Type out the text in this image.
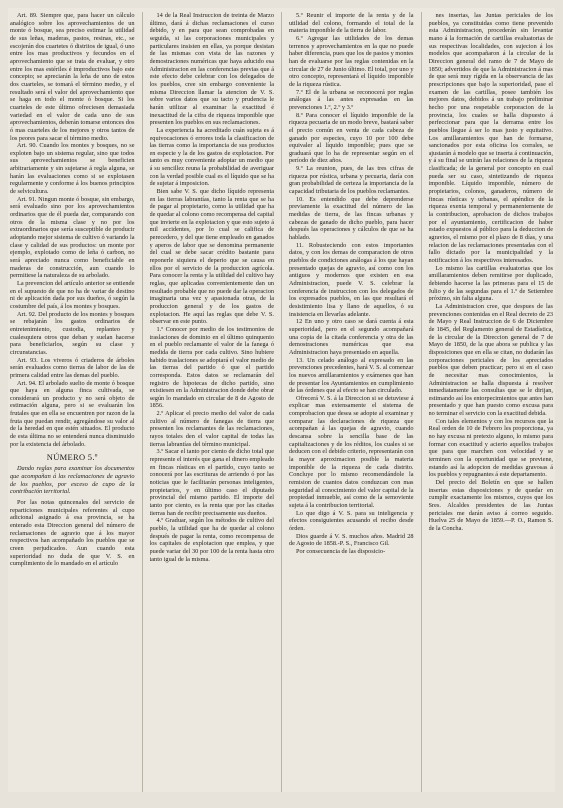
Art. 89. Siempre que, para hacer un cálculo analógico sobre los aprovechamientos de un monte ó bosque, sea preciso estimar la utilidad de sus leñas, maderas, pastos, resinas, etc., se escojerán dos cuartetes ó distritos de igual, ó uno entre los mas productivos y fecundos en el aprovechamiento que se trata de evaluar, y otro entre los mas estériles é improductivos bajo este concepto; se apreciarán la leña de uno de estos dos cuarteles, se tomará el término medio, y el resultado será el valor del aprovechamiento que se haga en todo el monte ó bosque. Si los cuarteles de este último ofreciesen demasiada variedad en el valor de cada uno de sus aprovechamientos, deberán tomarse entonces dos ó mas cuarteles de los mejores y otros tantos de los peores para sacar el término medio.

Art. 90. Cuando los montes y bosques, no se exploten bajo un sistema regular, sino que todos sus aprovechamientos se beneficien arbitrariamente y sin sujetarse á regla alguna, se harán las evaluaciones como si se explotasen regularmente y conforme á los buenos principios de selvicultura.

Art. 91. Ningun monte ó bosque, sin embargo, será evaluado sino por los aprovechamientos ordinarios que de él pueda dar, comparando con otros de la misma clase y no por los extraordinarios que sería susceptible de producir adoptando mejor sistema de cultivo ó variando la clase y calidad de sus productos: un monte por ejemplo, explotado como de leña ó carbon, no será apreciado nunca como beneficiable en maderas de construcción, aun cuando lo permitiese la naturaleza de su arbolado.

La prevencion del artículo anterior se entiende en el supuesto de que no ha de variar de destino ni de aplicación dada por sus dueños, ó según la costumbre del país, á los montes y bosques.

Art. 92. Del producto de los montes y bosques se rebajarán los gastos ordinarios de entretenimiento, custodia, replanteo y cualesquiera otros que deban y suelan hacerse para beneficiarlos, según su clase y circunstancias.

Art. 93. Los viveros ó criaderos de árboles serán evaluados como tierras de labor de las de primera calidad entre las demas del pueblo.

Art. 94. El arbolado suelto de monte ó bosque que haya en alguna finca cultivada, se considerará un producto y no será objeto de estimación alguna, pero si se evaluarán los frutales que en ella se encuentren por razon de la fruta que puedan rendir, agregándose su valor al de la heredad en que estén situados. El producto de esta última no se entenderá nunca disminuido por la existencia del árbolado.

NÚMERO 5.º

Dando reglas para examinar los documentos que acompañan á las reclamaciones de agravio de los pueblos, por exceso de cupo de la contribución territorial.

Por las notas quincenales del servicio de reparticiones municipales referentes al cupo adicional asignado á esa provincia, se ha enterado esta Direccion general del número de reclamaciones de agravio que á los mayor respectivos han acompañado los pueblos que se creen perjudicados. Aun cuando esta superioridad no duda de que V. S. en cumplimiento de lo mandado en el artículo

14 de la Real Instruccion de treinta de Marzo último, dará á dichas reclamaciones el curso debido, y en para que sean comprobadas en seguida, si las corporaciones municipales y particulares insisten en ellas, ya porque desistan de las mismas con vista de las razones y demostraciones numéricas que haya aducido esa Administracion en las conferencias previas que á este efecto debe celebrar con los delegados de los pueblos, cree sin embargo conveniente la misma Direccion llamar la atencion de V. S. sobre varios datos que su tacto y prudencia le harán utilizar al examinar la exactitud é inexactitud de la cifra de riqueza imponible que presenten los pueblos en sus reclamaciones.

La experiencia ha acreditado cuán sujeta es á equivocaciones ó errores toda la clasificacion de las tierras como la importancia de sus productos en especie y la de los gastos de explotacion. Por tanto es muy conveniente adoptar un medio que á su sencillez reuna la probabilidad de averiguar con la verdad posible cual es el líquido que se ha de sujetar á imposicion.

Bien sabe V. S. que dicho líquido representa en las tierras labrantías, tanto la renta que se ha de pagar al propietario, como la utilidad que ha de quedar al colono como recompensa del capital que invierte en la explotacion y que esto sujeto á mil accidentes, por lo cual se califica de perecedero, y del que tiene empleado en ganados y aperos de labor que se denomina permanente del cual se debe sacar crédito bastante para reponerle siquiera el deperio que se causa en ellos por el servicio de la produccion agrícola. Para conocer la renta y la utilidad del cultivo hay reglas, que aplicadas convenientemente dan un resultado probable que no puede dar la operacion imaginaria una vez y apasionada otras, de la produccion general y de los gastos de explotacion. He aquí las reglas que debe V. S. observar en este punto.

1.º Conocer por medio de los testimonios de traslaciones de dominio en el último quinquenio en el pueblo reclamante el valor de la fanega ó medida de tierra por cada cultivo. Sino hubiere habido traslaciones se adoptará el valor medio de las tierras del partido ó que el partido corresponda. Estos datos se reclamarán del registro de hipotecas de dicho partido, sino existiesen en la Administracion donde debe obrar según lo mandado en circular de 8 de Agosto de 1856.

2.º Aplicar el precio medio del valor de cada cultivo al número de fanegas de tierra que presenten los reclamantes de las reclamaciones, rayos totales den el valor capital de todas las tierras labrantías del término municipal.

3.º Sacar el tanto por ciento de dicho total que represente el interés que gana el dinero empleado en fincas rústicas en el partido, cuyo tanto se conocerá por las escrituras de arriendo ó por las noticias que le facilitarán personas inteligentes, propietarios, y en último caso el diputado provincial del mismo partido. El importe del tanto por ciento, es la renta que por las citadas tierras han de recibir precisamente sus dueños.

4.º Graduar, según los métodos de cultivo del pueblo, la utilidad que ha de quedar al colono después de pagar la renta, como recompensa de los capitales de explotacion que emplea, y que puede variar del 30 por 100 de la renta hasta otro tanto igual de la misma.

5.º Reunir el importe de la renta y de la utilidad del colono, formando el total de la materia imponible de la tierra de labor.

6.º Agregar las utilidades de los demas terrenos y aprovechamientos en la que no puede haber diferencia, pues que los de pastos y montes han de evaluarse por las reglas contenidas en la circular de 27 de Junio último. El total, por uno y otro concepto, representará el líquido imponible de la riqueza rústica.

7.º El de la urbana se reconocerá por reglas análogas á las antes expresadas en las prevenciones 1.º, 2.º y 3.º

8.º Para conocer el líquido imponible de la riqueza pecuaria de un modo breve, bastará saber el precio común en venta de cada cabeza de ganado por especies, cuyo 10 por 100 debe equivaler al líquido imponible; pues que se graduará que lo ha de representar según en el período de diez años.

9.º La reunion, pues, de las tres cifras de riqueza por rústica, urbana y pecuaria, daría con gran probabilidad de certeza la importancia de la capacidad tributaria de los pueblos reclamantes.

10. Es entendido que debe deprenderse previamente la exactitud del número de las medidas de tierra, de las fincas urbanas y cabezas de ganado de dicho pueblo, para hacer después las operaciones y cálculos de que se ha hablado.

11. Robusteciendo con estos importantes datos, y con los demas de comparacion de otros pueblos de condiciones análogas á los que hayan presentado quejas de agravio, así como con los antiguos y modernos que existen en esa Administracion, puede V. S. celebrar la conferencia de instruccion con los delegados de los expresados pueblos, en las que resultará el desistimiento lisa y llano de aquellos, ó su insistencia en llevarlas adelante.

12 En uno y otro caso se dará cuenta á esta superioridad, pero en el segundo acompañará una copia de la citada conferencia y otra de las demostraciones numéricas que esa Administracion haya presentado en aquella.

13. Un celado análogo al expresado en las prevenciones precedentes, hará V. S. al comenzar los nuevos amillaramientos y exámenes que han de presentar los Ayuntamientos en cumplimiento de las órdenes que al efecto se han circulado.

Ofrecerá V. S. á la Direccion si se detuviese á explicar mas extensamente el sistema de comprobacion que desea se adopte al examinar y comparar las declaraciones de riqueza que acompañan á las quejas de agravio, cuando descansa sobre la sencilla base de las capitalizaciones y de los réditos, los cuales si se deducen con el debido criterio, representarán con la mayor aproximacion posible la materia imponible de la riqueza de cada distrito. Concluye por lo mismo recomendándole la remision de cuantos datos conduzcan con mas seguridad al conocimiento del valor capital de la propiedad inmueble, así como de la semoviente sujeta á la contribucion territorial.

Lo que digo á V. S. para su inteligencia y efectos consiguientes acusando el recibo desde órden.

Dios guarde á V. S. muchos años. Madrid 28 de Agosto de 1858.-P. S., Francisco Gil.

Por consecuencia de las disposicio-

nes insertas, las Juntas periciales de los pueblos, ya constituidas como tiene prevenido esta Administracion, procederán sin levantar mano á la formación de cartillas evaluatorias de sus respectivas localidades, con sujecion á los modelos que acompañaron á la circular de la Direccion general del ramo de 7 de Mayo de 1850; advertidos de que la Administracion á mas de que será muy rígida en la observancia de las prescripciones que bajo la superioridad, pase el examen de las cartillas, posee también los mejores datos, debidos á un trabajo preliminar hecho por una respetable corporacion de la provincia, los cuales se halla dispuesto á perfeccionar para que la derrama entre los pueblos llegue á ser lo mas justo y equitativo. Los amillaramientos que han de formarse, sancionados por esta oficina los corrales, se ajustarán á modelo que se inserta á continuación, y á su final se unirán las relaciones de la riqueza clasificada; de la general por concepto en cual pueda ser su caso, sintetizando de riqueza imponible. Líquido imponible, número de propietarios, colonos, ganaderos, número de fincas rústicas y urbanas, el apéndice de la riqueza exenta temporal y permanentemente de la contribucion, aprobacion de dichos trabajos por el ayuntamiento, certificacion de haber estado expuestos al público para la deduccion de agravios, el mismo por el plazo de 8 días, y una relacion de las reclamaciones presentadas con el fallo dictado por la municipalidad y la notificacion á los respectivos interesados.

Lo mismo las cartillas evaluatorias que los amillaramientos deben remitirse por duplicado, debiendo hacerse la las primeras para el 15 de Julio y de las segundas para el 1.º de Setiembre próximo, sin falta alguna.

La Administracion cree, que despues de las prevenciones contenidas en el Real decreto de 23 de Mayo y Real Instruccion de 6 de Diciembre de 1845, del Reglamento general de Estadística, de la circular de la Direccion general de 7 de Mayo de 1850, de la que abora se publica y las disposiciones que en ella se citan, no dudarán las corporaciones periciales de los apreciados pueblos que deben practicar; pero si en el caso de necesitar mas conocimientos, la Administracion se halla dispuesta á resolver inmediatamente las consultas que se le dirijan, estimando así los entorpecimientos que antes han presentado y que han puesto como excusa para no terminar el servicio con la exactitud debida.

Con tales elementos y con los recursos que la Real orden de 10 de Febrero les proporciona, ya no hay excusa ni pretexto alguno, lo mismo para formar con exactitud y acierto aquellos trabajos que para que marchen con velocidad y se terminen con la oportunidad que se previene, estando así la adopcion de medidas gravosas á los pueblos y repugnantes á este departamento.

Del precio del Boletín en que se hallen insertas estas disposiciones y de quedar en cumplir exactamente los mismos, cuyos que los Sres. Alcaldes presidentes de las Juntas periciales me darán aviso á correo seguido. Huelva 25 de Mayo de 1859.—P. O., Ramon S. de la Concha.
